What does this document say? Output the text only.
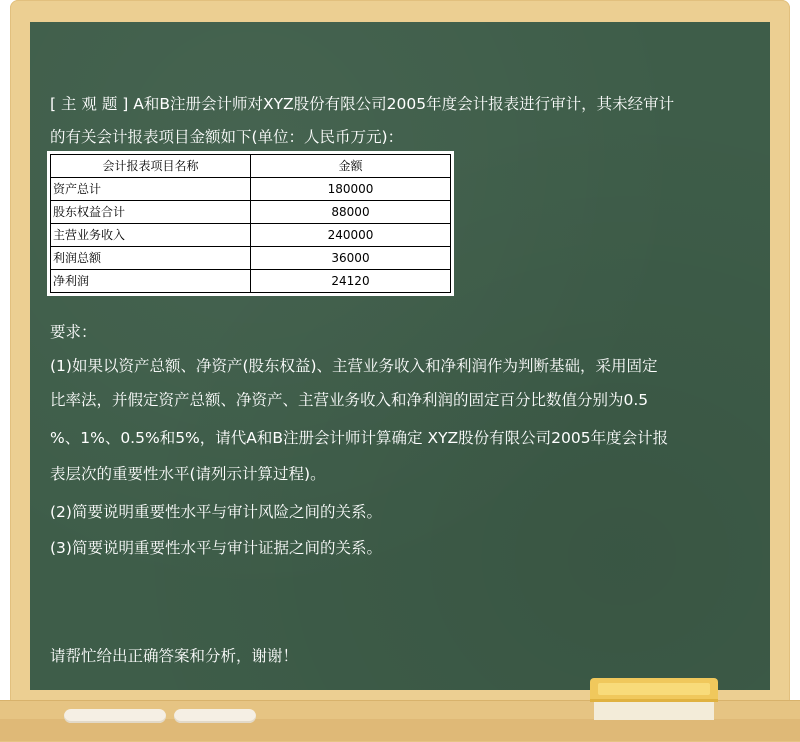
[ 主 观 题 ] A和B注册会计师对XYZ股份有限公司2005年度会计报表进行审计，其未经审计
的有关会计报表项目金额如下(单位：人民币万元)：
会计报表项目名称	金额
资产总计	180000
股东权益合计	88000
主营业务收入	240000
利润总额	36000
净利润	24120
要求：
(1)如果以资产总额、净资产(股东权益)、主营业务收入和净利润作为判断基础，采用固定
比率法，并假定资产总额、净资产、主营业务收入和净利润的固定百分比数值分别为0.5
%、1%、0.5%和5%，请代A和B注册会计师计算确定 XYZ股份有限公司2005年度会计报
表层次的重要性水平(请列示计算过程)。
(2)简要说明重要性水平与审计风险之间的关系。
(3)简要说明重要性水平与审计证据之间的关系。
请帮忙给出正确答案和分析，谢谢！
